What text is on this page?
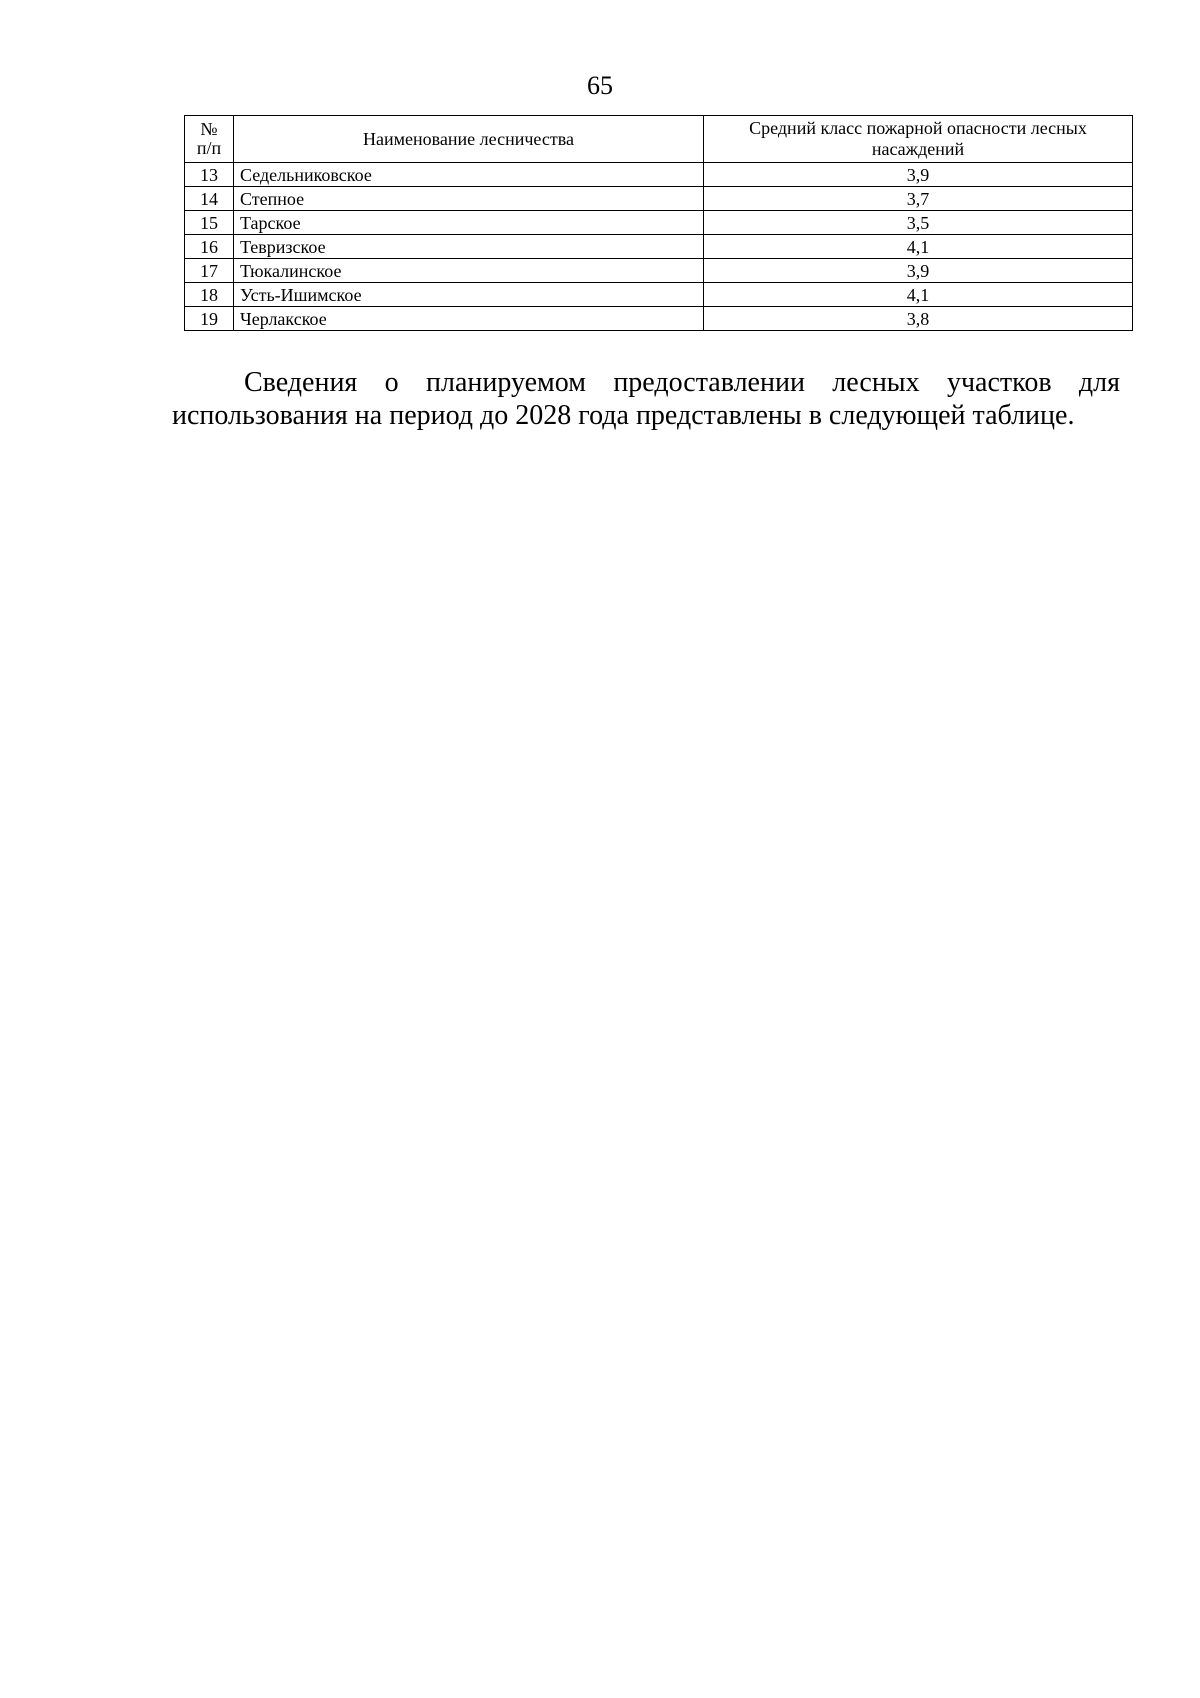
65
№ п/п	Наименование лесничества	Средний класс пожарной опасности лесных насаждений
13	Седельниковское	3,9
14	Степное	3,7
15	Тарское	3,5
16	Тевризское	4,1
17	Тюкалинское	3,9
18	Усть-Ишимское	4,1
19	Черлакское	3,8

Сведения о планируемом предоставлении лесных участков для использования на период до 2028 года представлены в следующей таблице.
